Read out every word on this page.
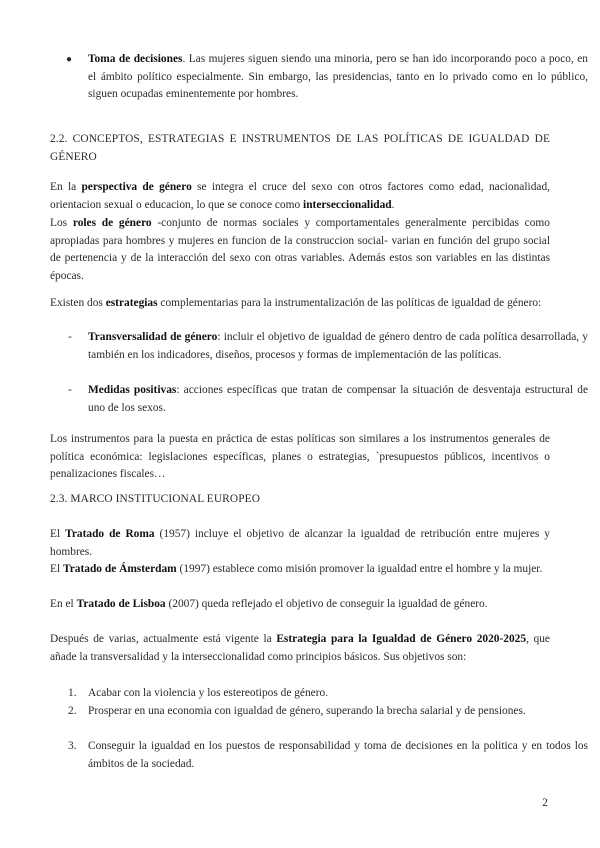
● Toma de decisiones. Las mujeres siguen siendo una minoria, pero se han ido incorporando poco a poco, en el ámbito político especialmente. Sin embargo, las presidencias, tanto en lo privado como en lo público, siguen ocupadas eminentemente por hombres.
2.2. CONCEPTOS, ESTRATEGIAS E INSTRUMENTOS DE LAS POLÍTICAS DE IGUALDAD DE GÉNERO

En la perspectiva de género se integra el cruce del sexo con otros factores como edad, nacionalidad, orientacion sexual o educacion, lo que se conoce como interseccionalidad.

Los roles de género -conjunto de normas sociales y comportamentales generalmente percibidas como apropiadas para hombres y mujeres en funcion de la construccion social- varian en función del grupo social de pertenencia y de la interacción del sexo con otras variables. Además estos son variables en las distintas épocas.

Existen dos estrategias complementarias para la instrumentalización de las políticas de igualdad de género:

- Transversalidad de género: incluir el objetivo de igualdad de género dentro de cada política desarrollada, y también en los indicadores, diseños, procesos y formas de implementación de las políticas.
- Medidas positivas: acciones específicas que tratan de compensar la situación de desventaja estructural de uno de los sexos.

Los instrumentos para la puesta en práctica de estas políticas son similares a los instrumentos generales de política económica: legislaciones específicas, planes o estrategias, `presupuestos públicos, incentivos o penalizaciones fiscales…

2.3. MARCO INSTITUCIONAL EUROPEO

El Tratado de Roma (1957) incluye el objetivo de alcanzar la igualdad de retribución entre mujeres y hombres.

El Tratado de Ámsterdam (1997) establece como misión promover la igualdad entre el hombre y la mujer.

En el Tratado de Lisboa (2007) queda reflejado el objetivo de conseguir la igualdad de género.

Después de varias, actualmente está vigente la Estrategia para la Igualdad de Género 2020-2025, que añade la transversalidad y la interseccionalidad como principios básicos. Sus objetivos son:

1. Acabar con la violencia y los estereotipos de género.
2. Prosperar en una economia con igualdad de género, superando la brecha salarial y de pensiones.
3. Conseguir la igualdad en los puestos de responsabilidad y toma de decisiones en la politica y en todos los ámbitos de la sociedad.
2
